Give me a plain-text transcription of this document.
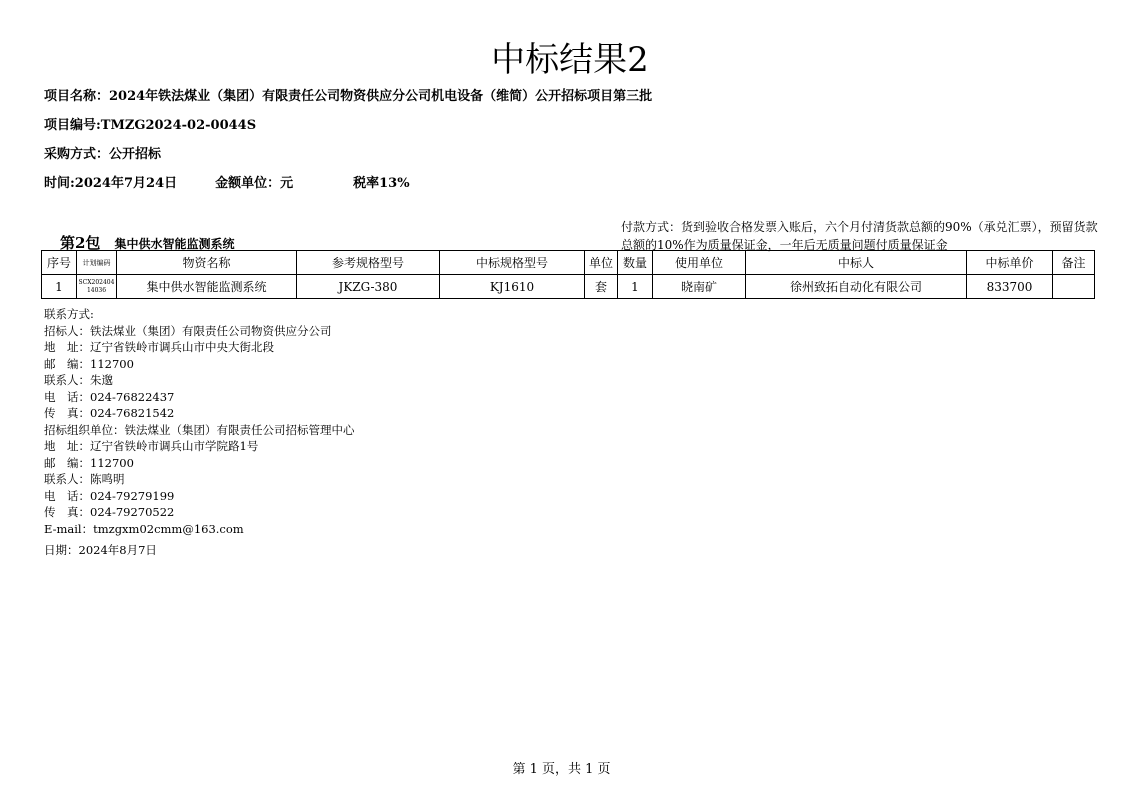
中标结果2
项目名称：2024年铁法煤业（集团）有限责任公司物资供应分公司机电设备（维简）公开招标项目第三批
项目编号:TMZG2024-02-0044S
采购方式：公开招标
时间:2024年7月24日	金额单位：元	税率13%
第2包 集中供水智能监测系统
付款方式：货到验收合格发票入账后，六个月付清货款总额的90%（承兑汇票），预留货款总额的10%作为质量保证金，一年后无质量问题付质量保证金
序号	计划编码	物资名称	参考规格型号	中标规格型号	单位	数量	使用单位	中标人	中标单价	备注
1	SCX20240414036	集中供水智能监测系统	JKZG-380	KJ1610	套	1	晓南矿	徐州致拓自动化有限公司	833700	
联系方式:
招标人：铁法煤业（集团）有限责任公司物资供应分公司
地　址：辽宁省铁岭市调兵山市中央大街北段
邮　编：112700
联系人：朱邈
电　话：024-76822437
传　真：024-76821542
招标组织单位：铁法煤业（集团）有限责任公司招标管理中心
地　址：辽宁省铁岭市调兵山市学院路1号
邮　编：112700
联系人：陈鸣明
电　话：024-79279199
传　真：024-79270522
E-mail：tmzgxm02cmm@163.com
日期：2024年8月7日
第 1 页，共 1 页
